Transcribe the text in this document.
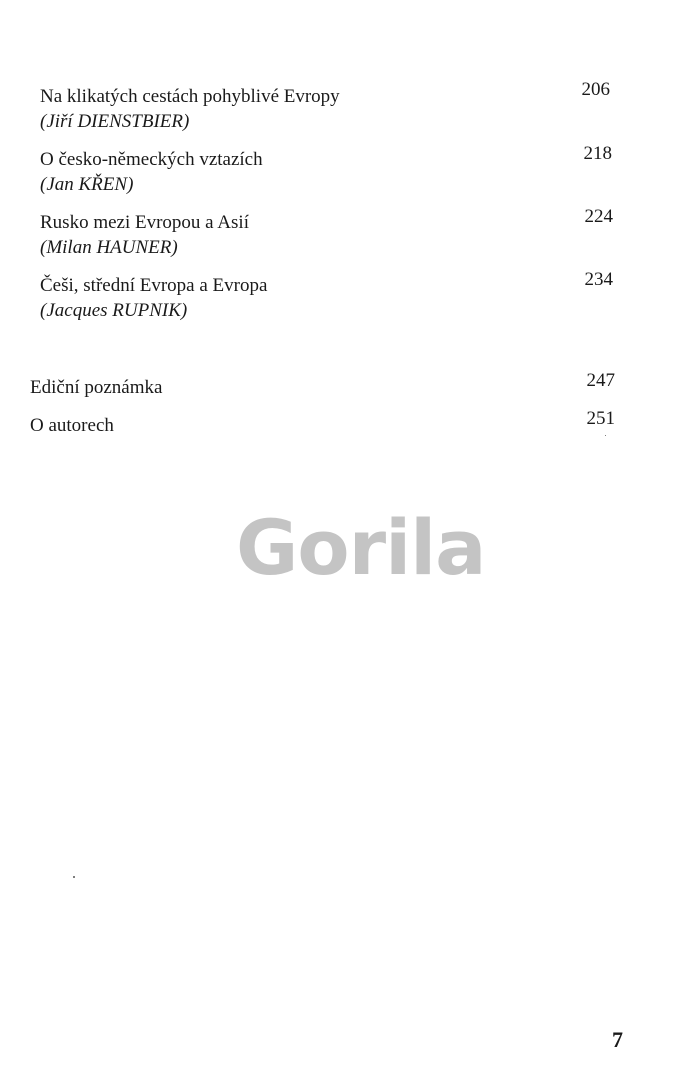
Na klikatých cestách pohyblivé Evropy
(Jiří DIENSTBIER)
206
O česko-německých vztazích
(Jan KŘEN)
218
Rusko mezi Evropou a Asií
(Milan HAUNER)
224
Češi, střední Evropa a Evropa
(Jacques RUPNIK)
234
Ediční poznámka	247
O autorech	251
Gorila
7
